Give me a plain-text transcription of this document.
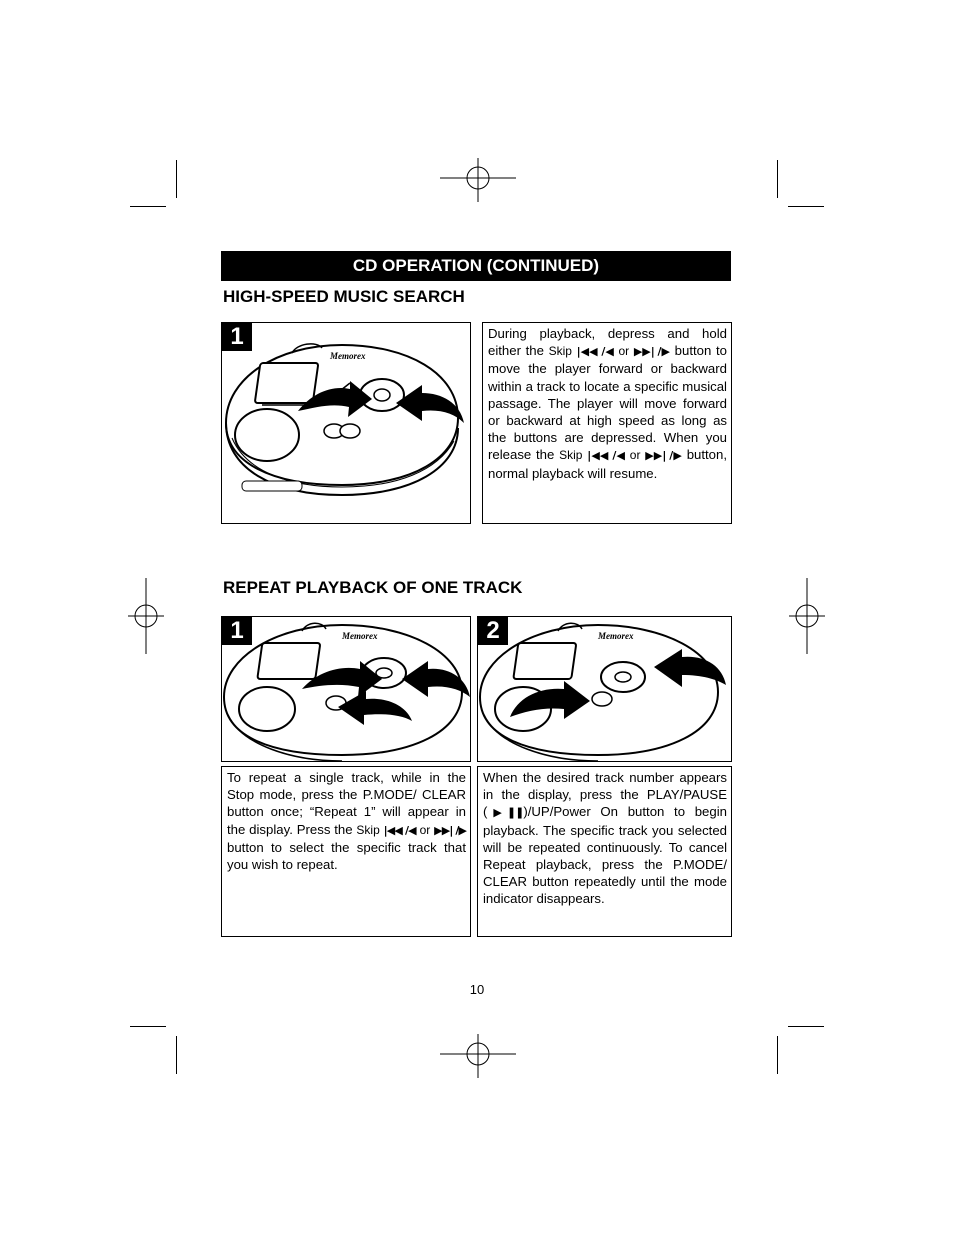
CD OPERATION (CONTINUED)
HIGH-SPEED MUSIC SEARCH
1
Memorex

During playback, depress and hold either the Skip |◀◀ /◀ or ▶▶| /▶ button to move the player forward or backward within a track to locate a specific musical passage. The player will move forward or backward at high speed as long as the buttons are depressed. When you release the Skip |◀◀ /◀ or ▶▶| /▶ button, normal playback will resume.

REPEAT PLAYBACK OF ONE TRACK
1	Memorex	2	Memorex

To repeat a single track, while in the Stop mode, press the P.MODE/ CLEAR button once; “Repeat 1” will appear in the display. Press the Skip |◀◀ /◀ or ▶▶| /▶ button to select the specific track that you wish to repeat.

When the desired track number appears in the display, press the PLAY/PAUSE (▶❚❚)/UP/Power On button to begin playback. The specific track you selected will be repeated continuously. To cancel Repeat playback, press the P.MODE/ CLEAR button repeatedly until the mode indicator disappears.

10
